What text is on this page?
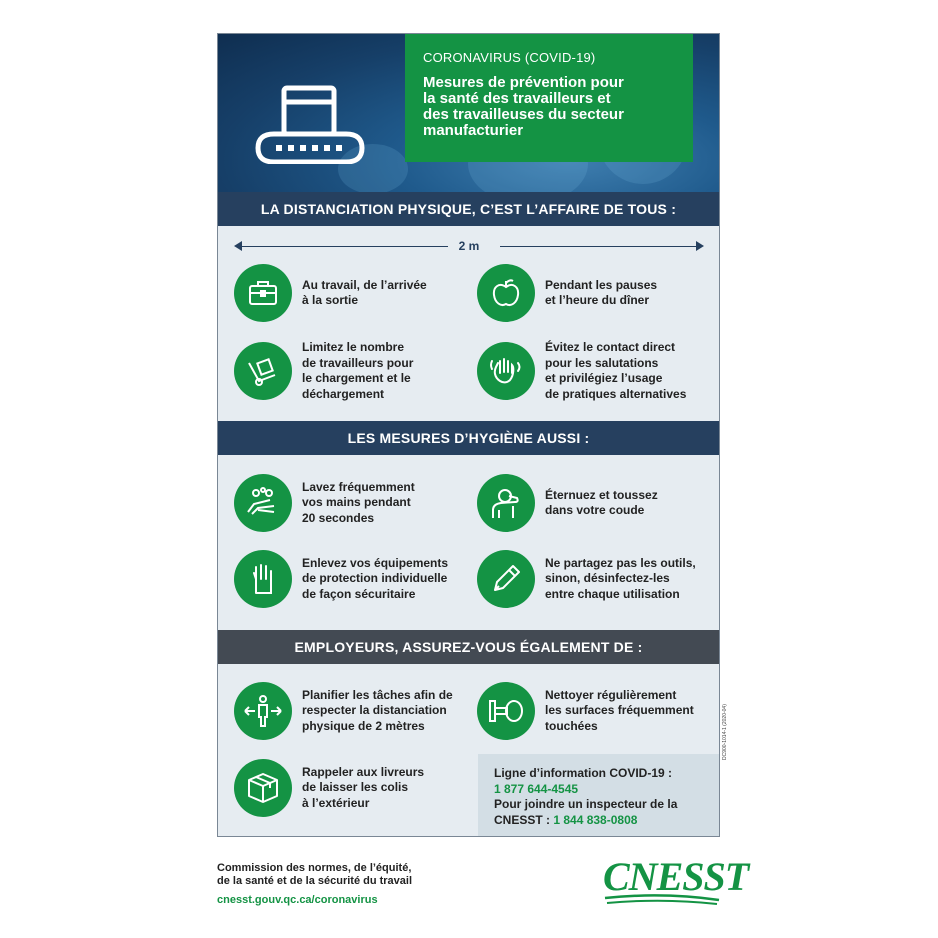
CORONAVIRUS (COVID-19)
Mesures de prévention pour
la santé des travailleurs et
des travailleuses du secteur
manufacturier
LA DISTANCIATION PHYSIQUE, C’EST L’AFFAIRE DE TOUS :
2 m
Au travail, de l’arrivée
à la sortie
Pendant les pauses
et l’heure du dîner
Limitez le nombre
de travailleurs pour
le chargement et le
déchargement
Évitez le contact direct
pour les salutations
et privilégiez l’usage
de pratiques alternatives
LES MESURES D’HYGIÈNE AUSSI :
Lavez fréquemment
vos mains pendant
20 secondes
Éternuez et toussez
dans votre coude
Enlevez vos équipements
de protection individuelle
de façon sécuritaire
Ne partagez pas les outils,
sinon, désinfectez-les
entre chaque utilisation
EMPLOYEURS, ASSUREZ-VOUS ÉGALEMENT DE :
Planifier les tâches afin de
respecter la distanciation
physique de 2 mètres
Nettoyer régulièrement
les surfaces fréquemment
touchées
Rappeler aux livreurs
de laisser les colis
à l’extérieur
Ligne d’information COVID-19 :
1 877 644-4545
Pour joindre un inspecteur de la
CNESST : 1 844 838-0808
DC900-1014-1 (2020-04)
Commission des normes, de l’équité,
de la santé et de la sécurité du travail
cnesst.gouv.qc.ca/coronavirus
CNESST
